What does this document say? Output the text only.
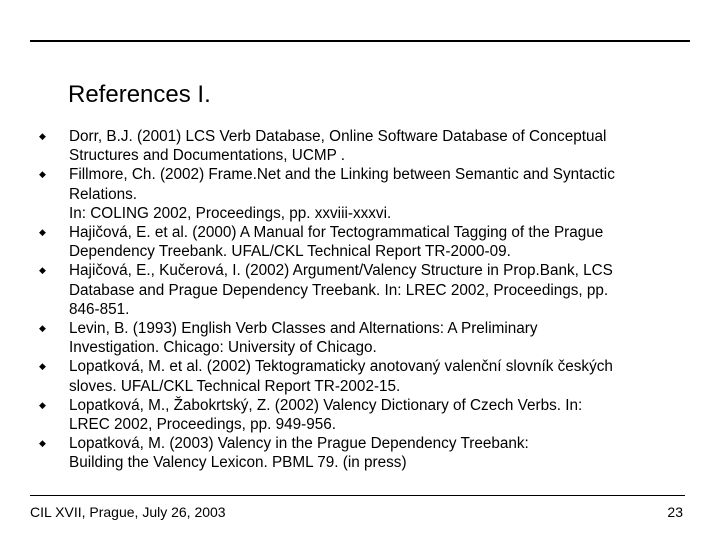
References I.
◆ Dorr, B.J. (2001) LCS Verb Database, Online Software Database of Conceptual
Structures and Documentations, UCMP .
◆ Fillmore, Ch. (2002) Frame.Net and the Linking between Semantic and Syntactic
Relations.
In: COLING 2002, Proceedings, pp. xxviii-xxxvi.
◆ Hajičová, E. et al. (2000) A Manual for Tectogrammatical Tagging of the Prague
Dependency Treebank. UFAL/CKL Technical Report TR-2000-09.
◆ Hajičová, E., Kučerová, I. (2002) Argument/Valency Structure in Prop.Bank, LCS
Database and Prague Dependency Treebank. In: LREC 2002, Proceedings, pp.
846-851.
◆ Levin, B. (1993) English Verb Classes and Alternations: A Preliminary
Investigation. Chicago: University of Chicago.
◆ Lopatková, M. et al. (2002) Tektogramaticky anotovaný valenční slovník českých
sloves. UFAL/CKL Technical Report TR-2002-15.
◆ Lopatková, M., Žabokrtský, Z. (2002) Valency Dictionary of Czech Verbs. In:
LREC 2002, Proceedings, pp. 949-956.
◆ Lopatková, M. (2003) Valency in the Prague Dependency Treebank:
Building the Valency Lexicon. PBML 79. (in press)
CIL XVII, Prague, July 26, 2003	23
